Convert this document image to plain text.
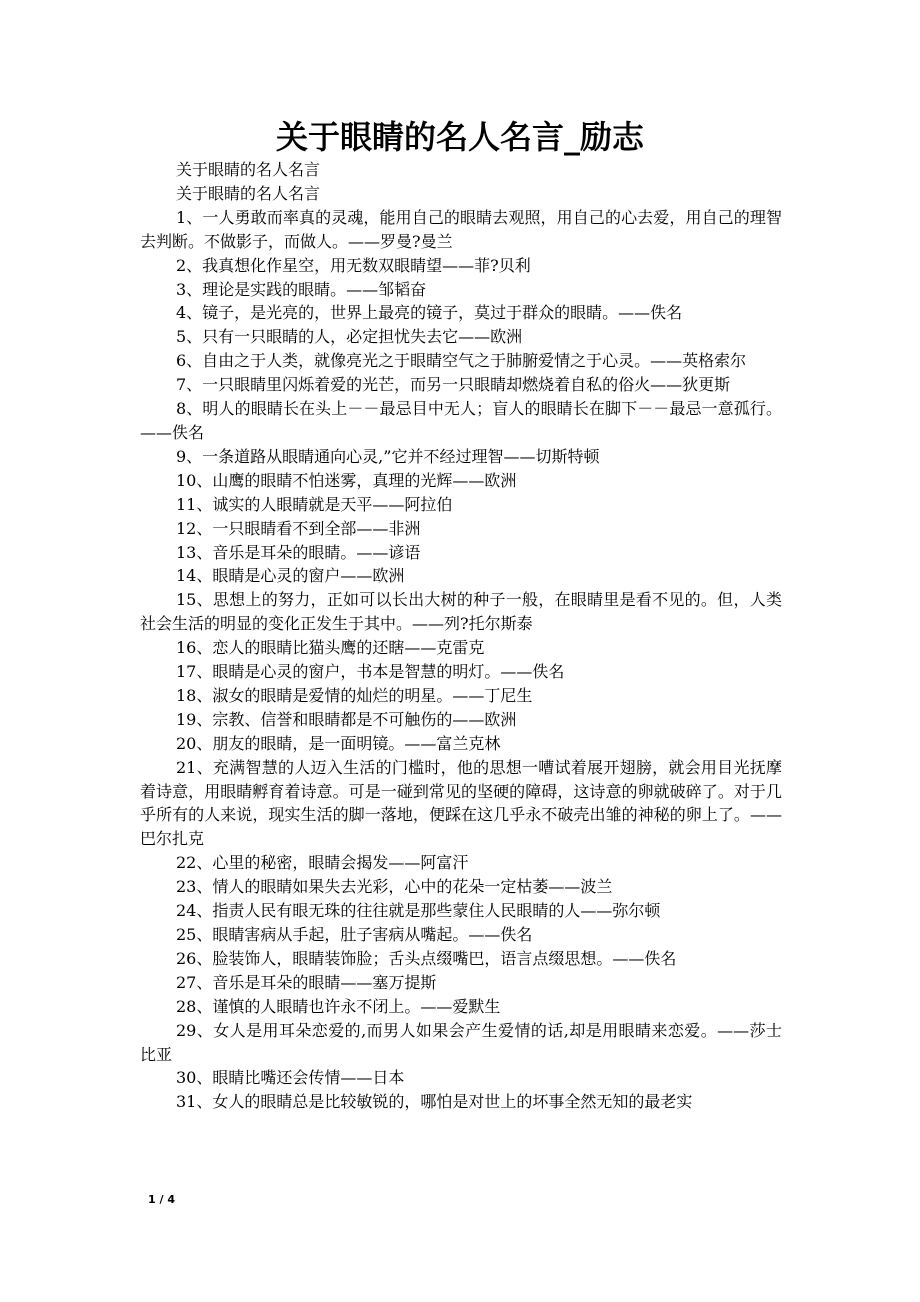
关于眼睛的名人名言_励志

关于眼睛的名人名言

关于眼睛的名人名言

1、一人勇敢而率真的灵魂，能用自己的眼睛去观照，用自己的心去爱，用自己的理智去判断。不做影子，而做人。——罗曼?曼兰

2、我真想化作星空，用无数双眼睛望——菲?贝利

3、理论是实践的眼睛。——邹韬奋

4、镜子，是光亮的，世界上最亮的镜子，莫过于群众的眼睛。——佚名

5、只有一只眼睛的人，必定担忧失去它——欧洲

6、自由之于人类，就像亮光之于眼睛空气之于肺腑爱情之于心灵。——英格索尔

7、一只眼睛里闪烁着爱的光芒，而另一只眼睛却燃烧着自私的俗火——狄更斯

8、明人的眼睛长在头上－－最忌目中无人；盲人的眼睛长在脚下－－最忌一意孤行。——佚名

9、一条道路从眼睛通向心灵,”它并不经过理智——切斯特顿

10、山鹰的眼睛不怕迷雾，真理的光辉——欧洲

11、诚实的人眼睛就是天平——阿拉伯

12、一只眼睛看不到全部——非洲

13、音乐是耳朵的眼睛。——谚语

14、眼睛是心灵的窗户——欧洲

15、思想上的努力，正如可以长出大树的种子一般，在眼睛里是看不见的。但，人类社会生活的明显的变化正发生于其中。——列?托尔斯泰

16、恋人的眼睛比猫头鹰的还瞎——克雷克

17、眼睛是心灵的窗户，书本是智慧的明灯。——佚名

18、淑女的眼睛是爱情的灿烂的明星。——丁尼生

19、宗教、信誉和眼睛都是不可触伤的——欧洲

20、朋友的眼睛，是一面明镜。——富兰克林

21、充满智慧的人迈入生活的门槛时，他的思想一嘈试着展开翅膀，就会用目光抚摩着诗意，用眼睛孵育着诗意。可是一碰到常见的坚硬的障碍，这诗意的卵就破碎了。对于几乎所有的人来说，现实生活的脚一落地，便踩在这几乎永不破壳出雏的神秘的卵上了。——巴尔扎克

22、心里的秘密，眼睛会揭发——阿富汗

23、情人的眼睛如果失去光彩，心中的花朵一定枯萎——波兰

24、指责人民有眼无珠的往往就是那些蒙住人民眼睛的人——弥尔顿

25、眼睛害病从手起，肚子害病从嘴起。——佚名

26、脸装饰人，眼睛装饰脸；舌头点缀嘴巴，语言点缀思想。——佚名

27、音乐是耳朵的眼睛——塞万提斯

28、谨慎的人眼睛也许永不闭上。——爱默生

29、女人是用耳朵恋爱的,而男人如果会产生爱情的话,却是用眼睛来恋爱。——莎士比亚

30、眼睛比嘴还会传情——日本

31、女人的眼睛总是比较敏锐的，哪怕是对世上的坏事全然无知的最老实

1 / 4
